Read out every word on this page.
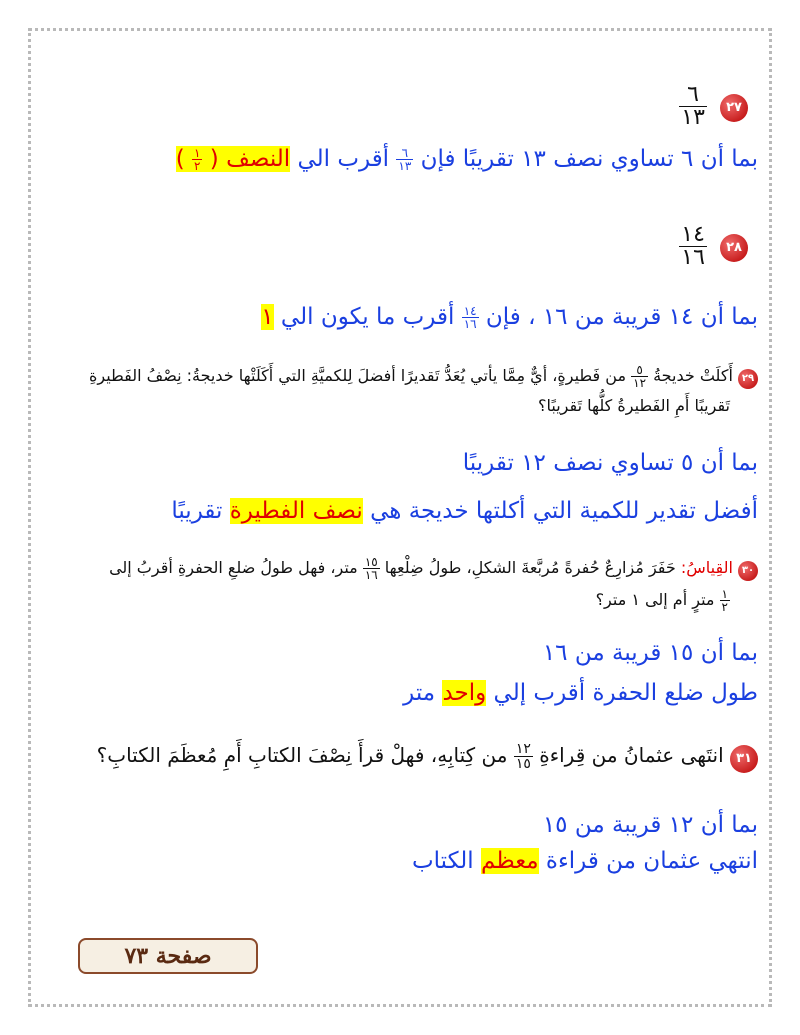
٢٧
$\frac{٦}{١٣}$
بما أن ٦ تساوي نصف ١٣ تقريبًا فإن
$\frac{٦}{١٣}$
أقرب الي النصف (
$\frac{١}{٢}$
)
٢٨
$\frac{١٤}{١٦}$
بما أن ١٤ قريبة من ١٦ ، فإن
$\frac{١٤}{١٦}$
أقرب ما يكون الي ١
٢٩ أَكلَتْ خديجةُ
$\frac{٥}{١٢}$
من فَطيرةٍ، أيٌّ مِمَّا يأتي يُعَدُّ تَقديرًا أفضلَ لِلكميَّةِ التي أَكَلَتْها خديجةُ: نِصْفُ الفَطيرةِ
تَقريبًا أَمِ الفَطيرةُ كلُّها تَقريبًا؟
بما أن ٥ تساوي نصف ١٢ تقريبًا
أفضل تقدير للكمية التي أكلتها خديجة هي نصف الفطيرة تقريبًا
٣٠ القِياسُ: حَفَرَ مُزارِعٌ حُفرةً مُربَّعةَ الشكلِ، طولُ ضِلْعِها
$\frac{١٥}{١٦}$
متر، فهل طولُ ضلعِ الحفرةِ أقربُ إلى
$\frac{١}{٢}$
مترٍ أم إلى ١ متر؟
بما أن ١٥ قريبة من ١٦
طول ضلع الحفرة أقرب إلي واحد متر
٣١ انتَهى عثمانُ من قِراءةِ
$\frac{١٢}{١٥}$
من كِتابِهِ، فهلْ قرأَ نِصْفَ الكتابِ أَمِ مُعظَمَ الكتابِ؟
بما أن ١٢ قريبة من ١٥
انتهي عثمان من قراءة معظم الكتاب
صفحة ٧٣
